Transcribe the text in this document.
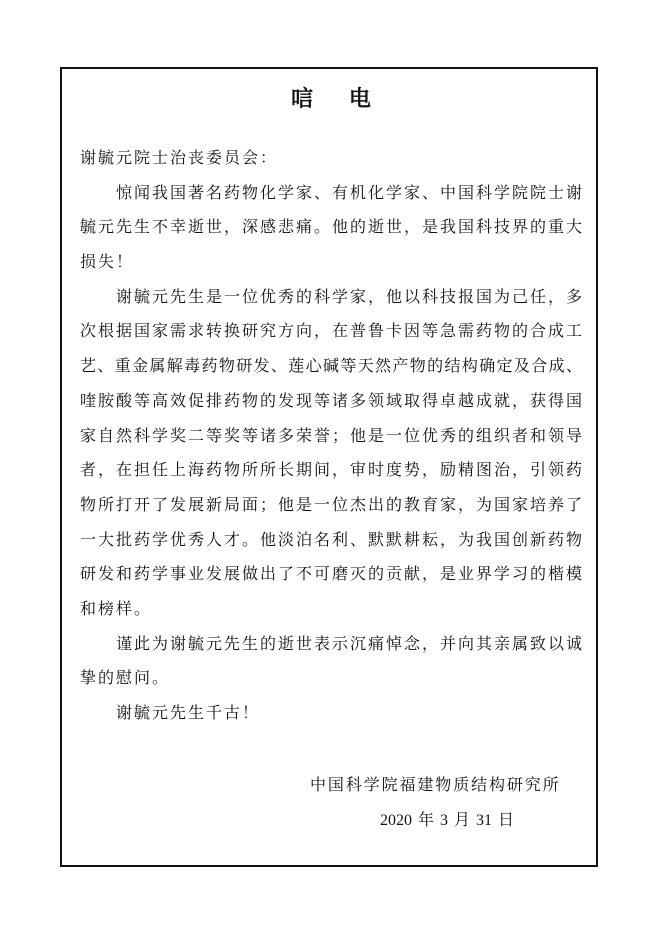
唁 电
谢毓元院士治丧委员会：
惊闻我国著名药物化学家、有机化学家、中国科学院院士谢
毓元先生不幸逝世，深感悲痛。他的逝世，是我国科技界的重大
损失！
谢毓元先生是一位优秀的科学家，他以科技报国为己任，多
次根据国家需求转换研究方向，在普鲁卡因等急需药物的合成工
艺、重金属解毒药物研发、莲心碱等天然产物的结构确定及合成、
喹胺酸等高效促排药物的发现等诸多领域取得卓越成就，获得国
家自然科学奖二等奖等诸多荣誉；他是一位优秀的组织者和领导
者，在担任上海药物所所长期间，审时度势，励精图治，引领药
物所打开了发展新局面；他是一位杰出的教育家，为国家培养了
一大批药学优秀人才。他淡泊名利、默默耕耘，为我国创新药物
研发和药学事业发展做出了不可磨灭的贡献，是业界学习的楷模
和榜样。
谨此为谢毓元先生的逝世表示沉痛悼念，并向其亲属致以诚
挚的慰问。
谢毓元先生千古！
中国科学院福建物质结构研究所
2020 年 3 月 31 日
